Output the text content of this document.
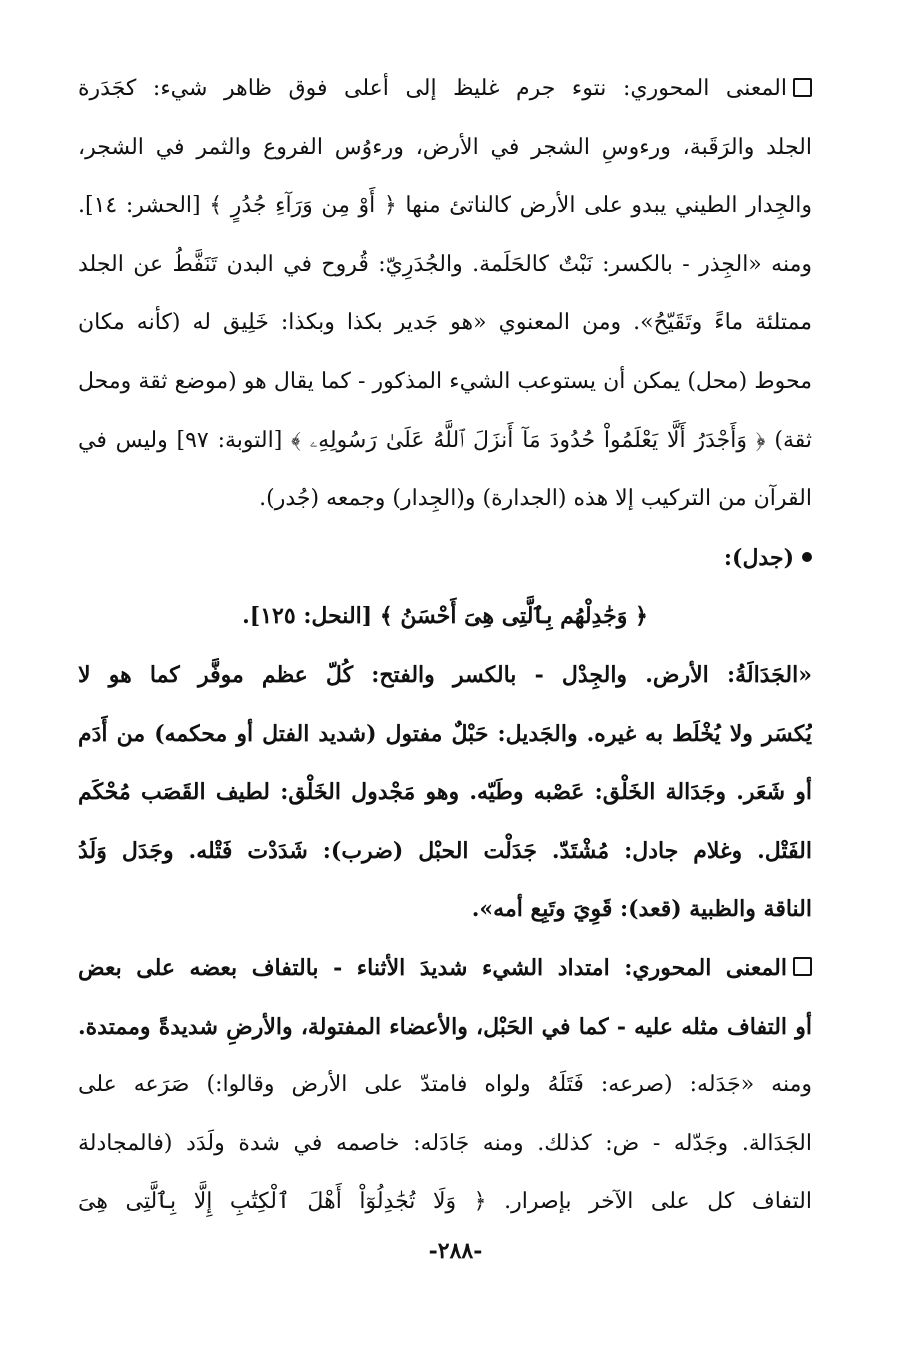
المعنى المحوري: نتوء جرم غليظ إلى أعلى فوق ظاهر شيء: كجَدَرة
الجلد والرَقَبة، ورءوسِ الشجر في الأرض، ورءوُس الفروع والثمر في الشجر،
والجِدار الطيني يبدو على الأرض كالناتئ منها ﴿ أَوْ مِن وَرَآءِ جُدُرٍ ﴾ [الحشر: ١٤].
ومنه «الجِذر - بالكسر: نَبْتٌ كالحَلَمة. والجُدَرِيّ: قُروح في البدن تَنَفَّطُ عن الجلد
ممتلئة ماءً وتَقَيّحُ». ومن المعنوي «هو جَدير بكذا وبكذا: خَلِيق له (كأنه مكان
محوط (محل) يمكن أن يستوعب الشيء المذكور - كما يقال هو (موضع ثقة ومحل
ثقة) ﴿ وَأَجْدَرُ أَلَّا يَعْلَمُواْ حُدُودَ مَآ أَنزَلَ ٱللَّهُ عَلَىٰ رَسُولِهِۦ ﴾ [التوبة: ٩٧] وليس في
القرآن من التركيب إلا هذه (الجدارة) و(الجِدار) وجمعه (جُدر).
(جدل):
﴿ وَجَٰدِلْهُم بِٱلَّتِى هِىَ أَحْسَنُ ﴾ [النحل: ١٢٥].
«الجَدَالَةُ: الأرض. والجِدْل - بالكسر والفتح: كُلّ عظم موفَّر كما هو لا
يُكسَر ولا يُخْلَط به غيره. والجَديل: حَبْلٌ مفتول (شديد الفتل أو محكمه) من أَدَم
أو شَعَر. وجَدَالة الخَلْق: عَصْبه وطَيّه. وهو مَجْدول الخَلْق: لطيف القَصَب مُحْكَم
الفَتْل. وغلام جادل: مُشْتَدّ. جَدَلْت الحبْل (ضرب): شَدَدْت فَتْله. وجَدَل وَلَدُ
الناقة والظبية (قعد): قَوِيَ وتَبِع أمه».
المعنى المحوري: امتداد الشيء شديدَ الأثناء - بالتفاف بعضه على بعض
أو التفاف مثله عليه - كما في الحَبْل، والأعضاء المفتولة، والأرضِ شديدةً وممتدة.
ومنه «جَدَله: (صرعه: فَتَلَهُ ولواه فامتدّ على الأرض وقالوا:) صَرَعه على
الجَدَالة. وجَدّله - ض: كذلك. ومنه جَادَله: خاصمه في شدة ولَدَد (فالمجادلة
التفاف كل على الآخر بإصرار. ﴿ وَلَا تُجَٰدِلُوٓاْ أَهْلَ ٱلْكِتَٰبِ إِلَّا بِٱلَّتِى هِىَ
-٢٨٨-
